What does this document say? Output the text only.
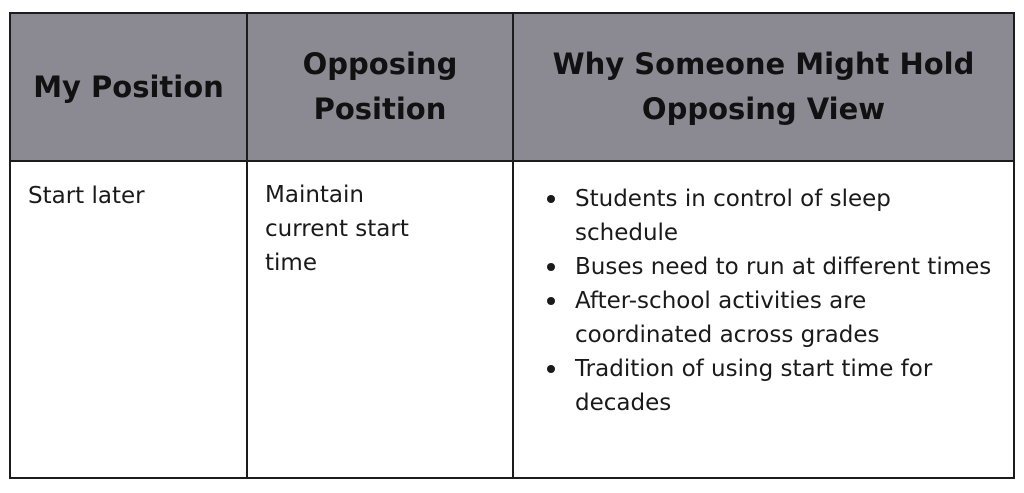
My Position
Opposing Position
Why Someone Might Hold Opposing View
Start later	Maintain current start time
Students in control of sleep schedule
Buses need to run at different times
After-school activities are coordinated across grades
Tradition of using start time for decades
